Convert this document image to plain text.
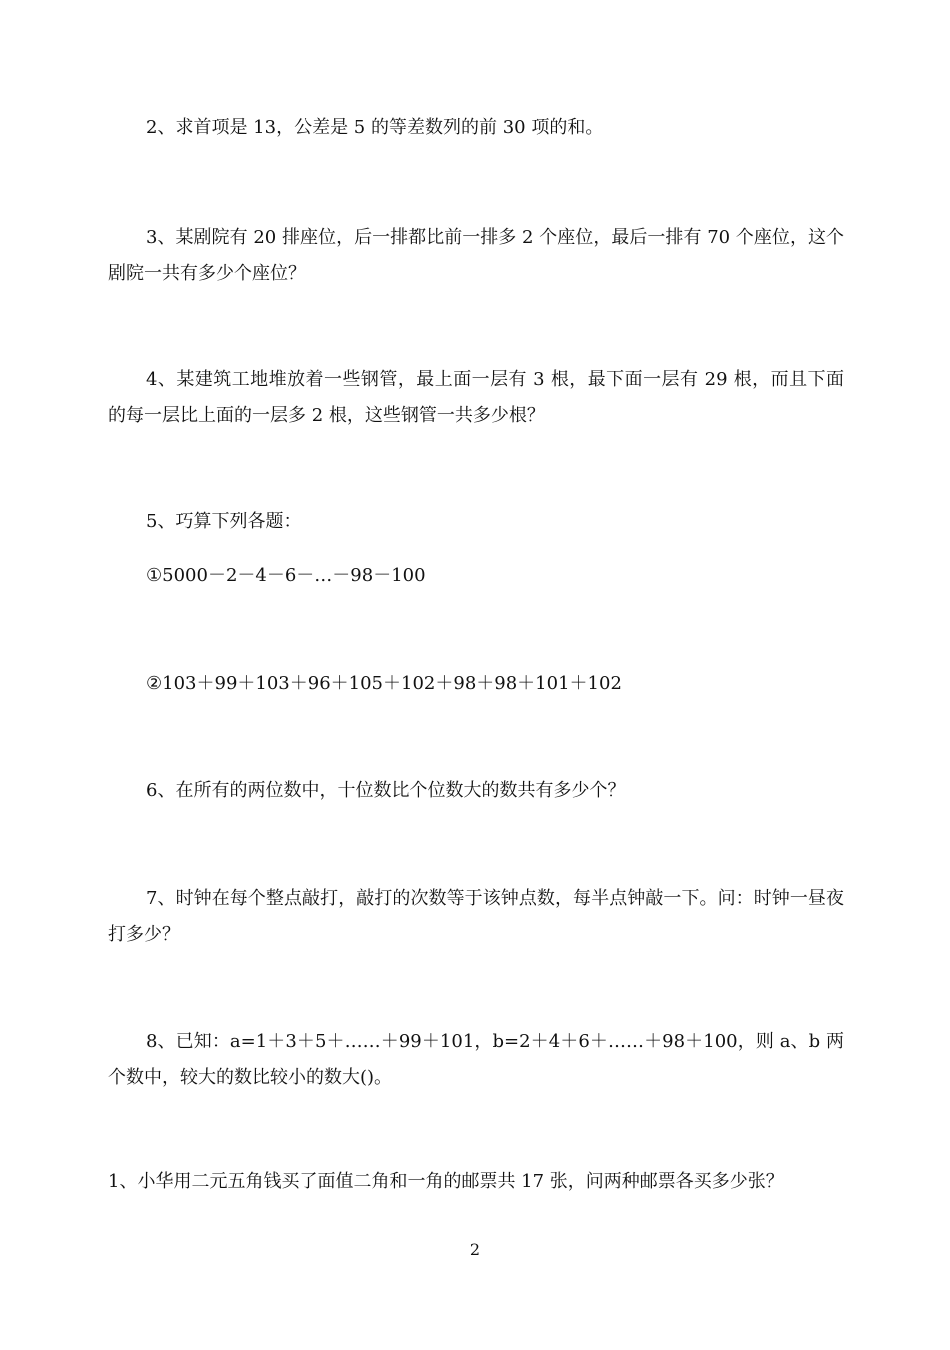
2、求首项是 13，公差是 5 的等差数列的前 30 项的和。

3、某剧院有 20 排座位，后一排都比前一排多 2 个座位，最后一排有 70 个座位，这个剧院一共有多少个座位？

4、某建筑工地堆放着一些钢管，最上面一层有 3 根，最下面一层有 29 根，而且下面的每一层比上面的一层多 2 根，这些钢管一共多少根？

5、巧算下列各题：

①5000－2－4－6－…－98－100

②103＋99＋103＋96＋105＋102＋98＋98＋101＋102

6、在所有的两位数中，十位数比个位数大的数共有多少个？

7、时钟在每个整点敲打，敲打的次数等于该钟点数，每半点钟敲一下。问：时钟一昼夜打多少？

8、已知：a=1＋3＋5＋……＋99＋101，b=2＋4＋6＋……＋98＋100，则 a、b 两个数中，较大的数比较小的数大()。

1、小华用二元五角钱买了面值二角和一角的邮票共 17 张，问两种邮票各买多少张？

2
